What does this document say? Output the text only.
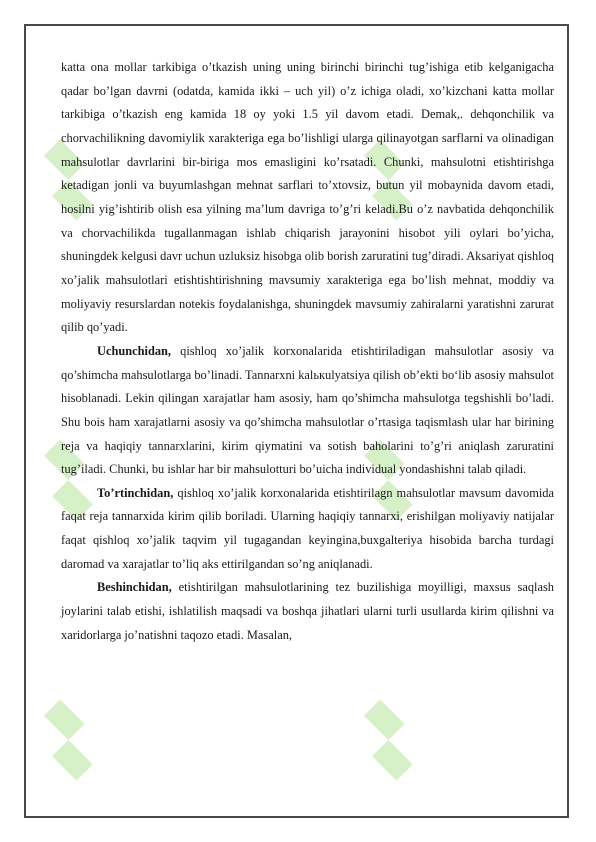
▞
▞
▞
▞
▞
▞

katta ona mollar tarkibiga o’tkazish uning uning birinchi birinchi tug’ishiga etib kelganigacha qadar bo’lgan davrni (odatda, kamida ikki – uch yil) o’z ichiga oladi, xo’kizchani katta mollar tarkibiga o’tkazish eng kamida 18 oy yoki 1.5 yil davom etadi. Demak,. dehqonchilik va chorvachilikning davomiylik xarakteriga ega bo’lishligi ularga qilinayotgan sarflarni va olinadigan mahsulotlar davrlarini bir-biriga mos emasligini ko’rsatadi. Chunki, mahsulotni etishtirishga ketadigan jonli va buyumlashgan mehnat sarflari to’xtovsiz, butun yil mobaynida davom etadi, hosilni yig’ishtirib olish esa yilning ma’lum davriga to’g’ri keladi.Bu o’z navbatida dehqonchilik va chorvachilikda tugallanmagan ishlab chiqarish jarayonini hisobot yili oylari bo’yicha, shuningdek kelgusi davr uchun uzluksiz hisobga olib borish zaruratini tug’diradi. Aksariyat qishloq xo’jalik mahsulotlari etishtishtirishning mavsumiy xarakteriga ega bo’lish mehnat, moddiy va moliyaviy resurslardan notekis foydalanishga, shuningdek mavsumiy zahiralarni yaratishni zarurat qilib qo’yadi.

Uchunchidan, qishloq xo’jalik korxonalarida etishtiriladigan mahsulotlar asosiy va qo’shimcha mahsulotlarga bo’linadi. Tannarxni kalькulyatsiya qilish ob’ekti bo‘lib asosiy mahsulot hisoblanadi. Lekin qilingan xarajatlar ham asosiy, ham qo’shimcha mahsulotga tegshishli bo’ladi. Shu bois ham xarajatlarni asosiy va qo’shimcha mahsulotlar o’rtasiga taqismlash ular har birining reja va haqiqiy tannarxlarini, kirim qiymatini va sotish baholarini to’g’ri aniqlash zaruratini tug’iladi. Chunki, bu ishlar har bir mahsulotturi bo’uicha individual yondashishni talab qiladi.

To’rtinchidan, qishloq xo’jalik korxonalarida etishtirilagn mahsulotlar mavsum davomida faqat reja tannarxida kirim qilib boriladi. Ularning haqiqiy tannarxi, erishilgan moliyaviy natijalar faqat qishloq xo’jalik taqvim yil tugagandan keyingina,buxgalteriya hisobida barcha turdagi daromad va xarajatlar to’liq aks ettirilgandan so’ng aniqlanadi.

Beshinchidan, etishtirilgan mahsulotlarining tez buzilishiga moyilligi, maxsus saqlash joylarini talab etishi, ishlatilish maqsadi va boshqa jihatlari ularni turli usullarda kirim qilishni va xaridorlarga jo’natishni taqozo etadi. Masalan,
